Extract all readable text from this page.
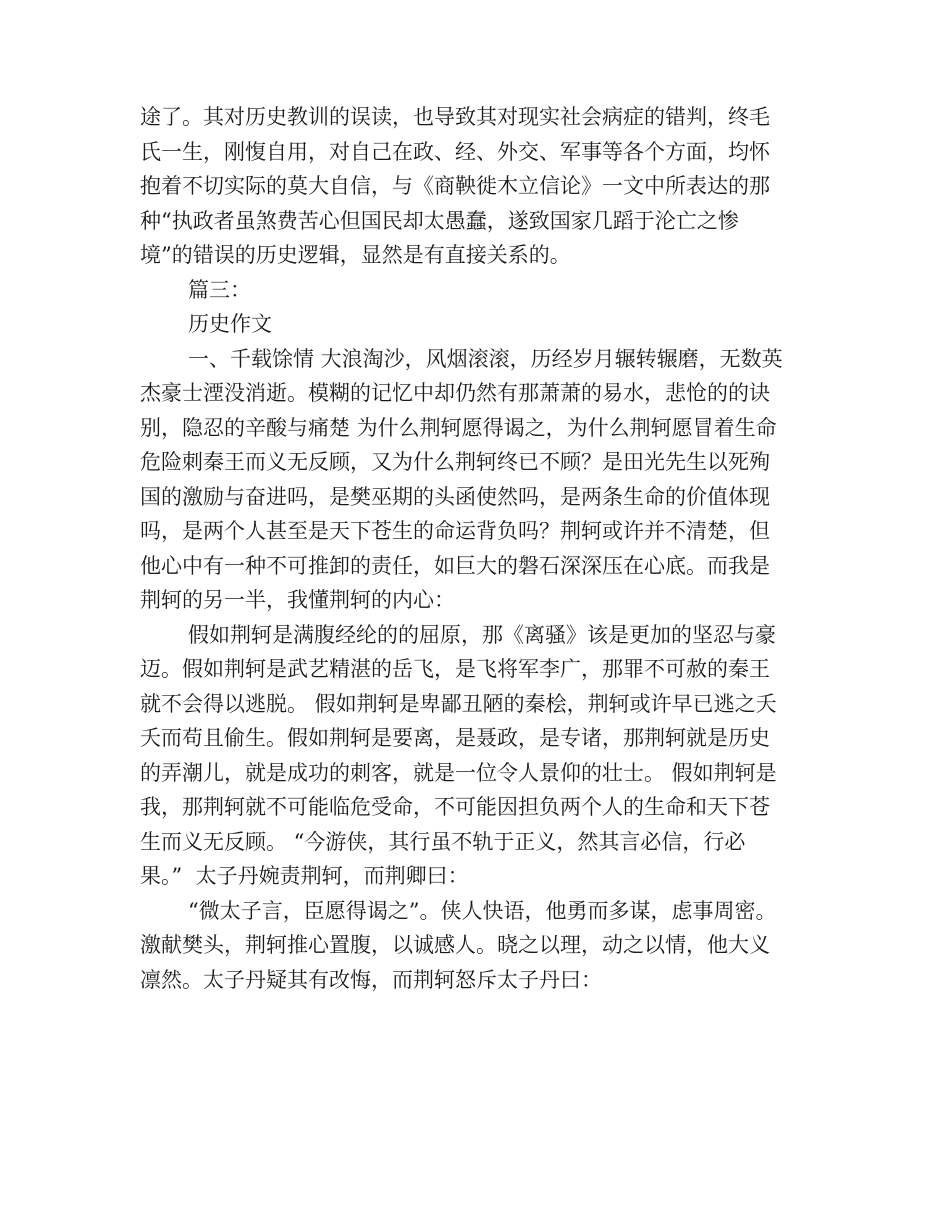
途了。其对历史教训的误读，也导致其对现实社会病症的错判，终毛
氏一生，刚愎自用，对自己在政、经、外交、军事等各个方面，均怀
抱着不切实际的莫大自信，与《商鞅徙木立信论》一文中所表达的那
种“执政者虽煞费苦心但国民却太愚蠢，遂致国家几蹈于沦亡之惨
境”的错误的历史逻辑，显然是有直接关系的。
篇三：
历史作文
一、千载馀情 大浪淘沙，风烟滚滚，历经岁月辗转辗磨，无数英
杰豪士湮没消逝。模糊的记忆中却仍然有那萧萧的易水，悲怆的的诀
别，隐忍的辛酸与痛楚 为什么荆轲愿得谒之，为什么荆轲愿冒着生命
危险刺秦王而义无反顾，又为什么荆轲终已不顾？是田光先生以死殉
国的激励与奋进吗，是樊巫期的头函使然吗，是两条生命的价值体现
吗，是两个人甚至是天下苍生的命运背负吗？荆轲或许并不清楚，但
他心中有一种不可推卸的责任，如巨大的磐石深深压在心底。而我是
荆轲的另一半，我懂荆轲的内心：
假如荆轲是满腹经纶的的屈原，那《离骚》该是更加的坚忍与豪
迈。假如荆轲是武艺精湛的岳飞，是飞将军李广，那罪不可赦的秦王
就不会得以逃脱。 假如荆轲是卑鄙丑陋的秦桧，荆轲或许早已逃之夭
夭而苟且偷生。假如荆轲是要离，是聂政，是专诸，那荆轲就是历史
的弄潮儿，就是成功的刺客，就是一位令人景仰的壮士。 假如荆轲是
我，那荆轲就不可能临危受命，不可能因担负两个人的生命和天下苍
生而义无反顾。 “今游侠，其行虽不轨于正义，然其言必信，行必
果。”  太子丹婉责荆轲，而荆卿曰：
“微太子言，臣愿得谒之”。侠人快语，他勇而多谋，虑事周密。
激献樊头，荆轲推心置腹，以诚感人。晓之以理，动之以情，他大义
凛然。太子丹疑其有改悔，而荆轲怒斥太子丹曰：
